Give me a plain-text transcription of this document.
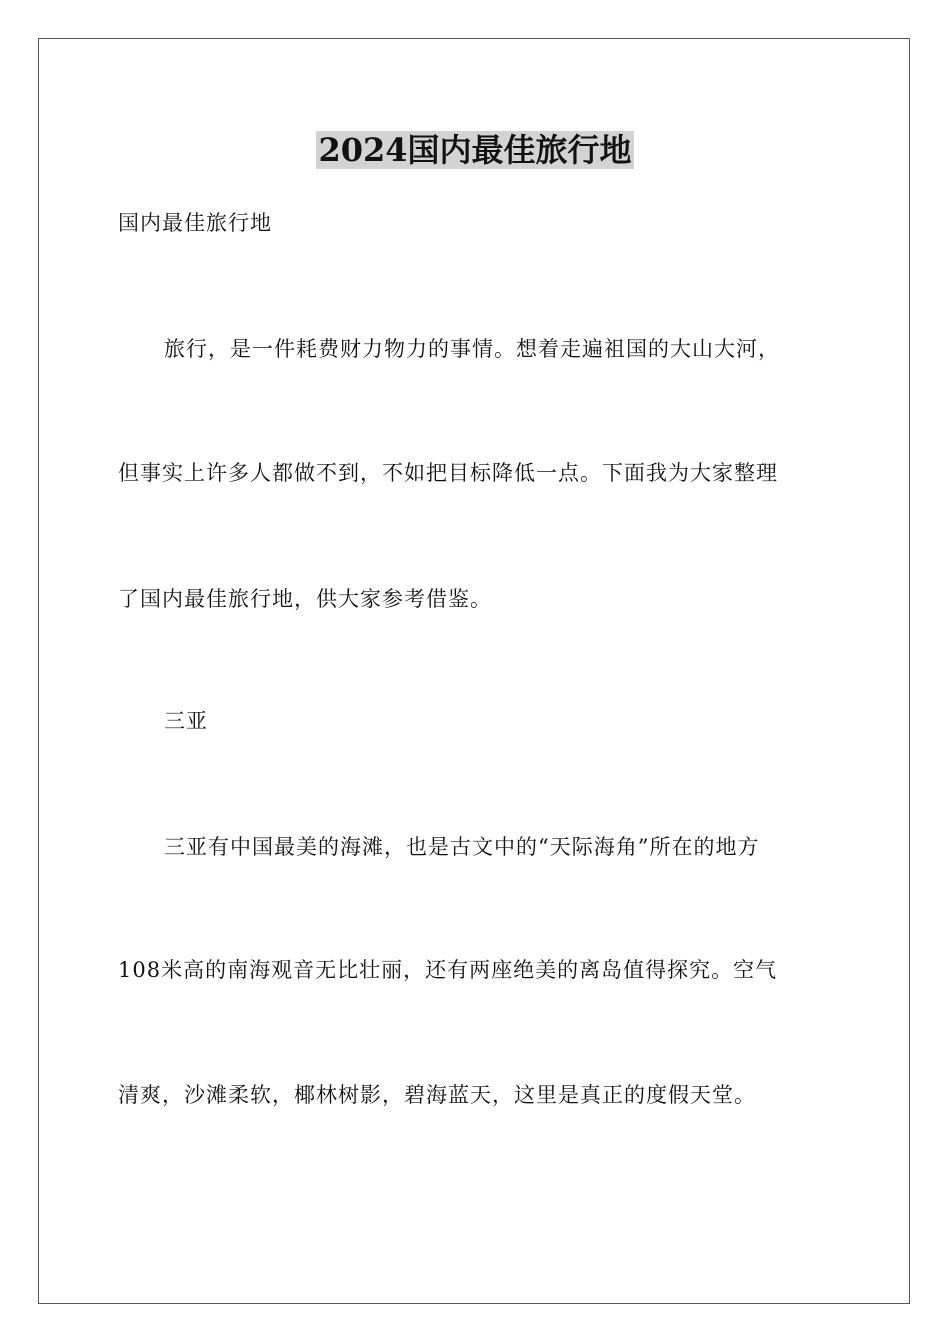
2024国内最佳旅行地
国内最佳旅行地
旅行，是一件耗费财力物力的事情。想着走遍祖国的大山大河，
但事实上许多人都做不到，不如把目标降低一点。下面我为大家整理
了国内最佳旅行地，供大家参考借鉴。
三亚
三亚有中国最美的海滩，也是古文中的“天际海角”所在的地方
108米高的南海观音无比壮丽，还有两座绝美的离岛值得探究。空气
清爽，沙滩柔软，椰林树影，碧海蓝天，这里是真正的度假天堂。
